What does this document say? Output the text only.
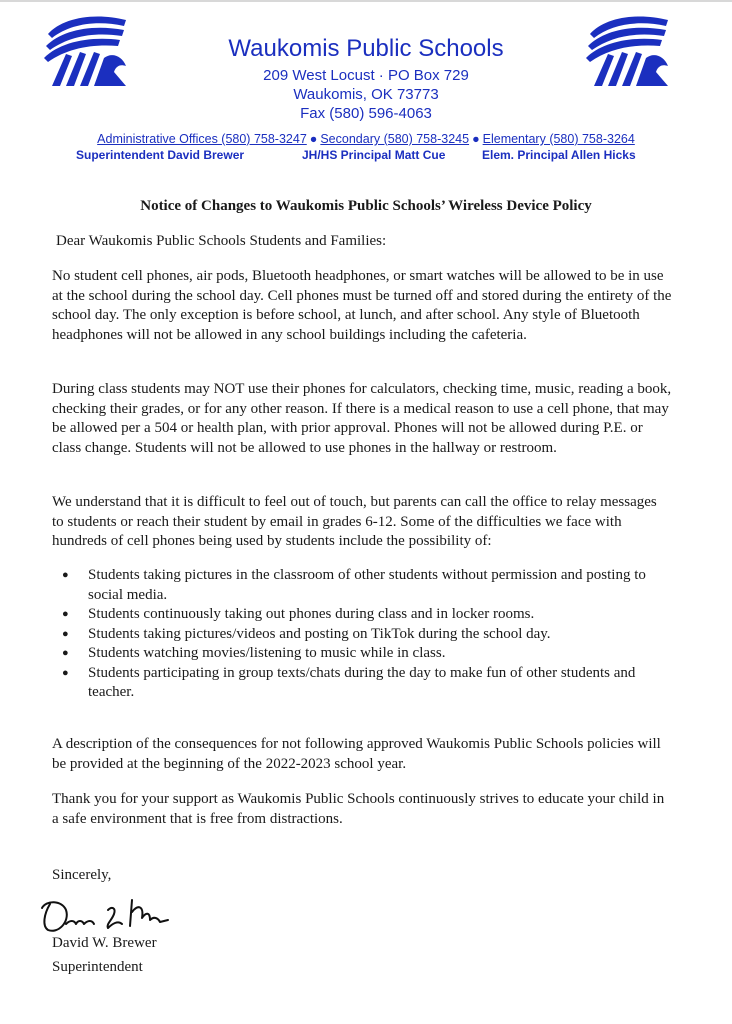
Waukomis Public Schools
209 West Locust · PO Box 729
Waukomis, OK 73773
Fax (580) 596-4063
Administrative Offices (580) 758-3247 ● Secondary (580) 758-3245 ● Elementary (580) 758-3264
Superintendent David Brewer	JH/HS Principal Matt Cue	Elem. Principal Allen Hicks
Notice of Changes to Waukomis Public Schools’ Wireless Device Policy

Dear Waukomis Public Schools Students and Families:

No student cell phones, air pods, Bluetooth headphones, or smart watches will be allowed to be in use at the school during the school day. Cell phones must be turned off and stored during the entirety of the school day. The only exception is before school, at lunch, and after school. Any style of Bluetooth headphones will not be allowed in any school buildings including the cafeteria.

During class students may NOT use their phones for calculators, checking time, music, reading a book, checking their grades, or for any other reason. If there is a medical reason to use a cell phone, that may be allowed per a 504 or health plan, with prior approval. Phones will not be allowed during P.E. or class change. Students will not be allowed to use phones in the hallway or restroom.

We understand that it is difficult to feel out of touch, but parents can call the office to relay messages to students or reach their student by email in grades 6-12. Some of the difficulties we face with hundreds of cell phones being used by students include the possibility of:

● Students taking pictures in the classroom of other students without permission and posting to social media.
● Students continuously taking out phones during class and in locker rooms.
● Students taking pictures/videos and posting on TikTok during the school day.
● Students watching movies/listening to music while in class.
● Students participating in group texts/chats during the day to make fun of other students and teacher.

A description of the consequences for not following approved Waukomis Public Schools policies will be provided at the beginning of the 2022-2023 school year.

Thank you for your support as Waukomis Public Schools continuously strives to educate your child in a safe environment that is free from distractions.

Sincerely,

David W. Brewer

Superintendent
